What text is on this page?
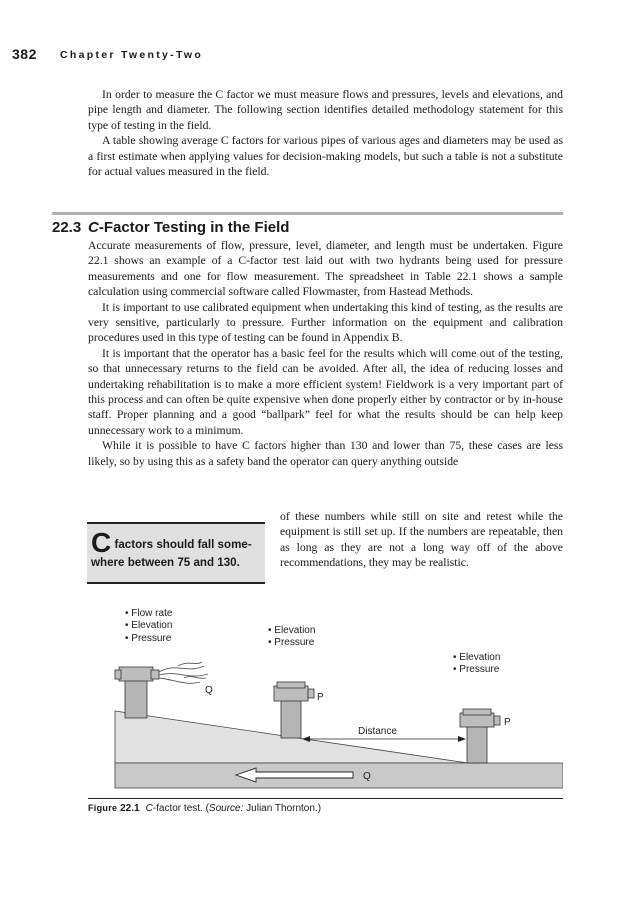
382 Chapter Twenty-Two

In order to measure the C factor we must measure flows and pressures, levels and elevations, and pipe length and diameter. The following section identifies detailed methodology statement for this type of testing in the field.

A table showing average C factors for various pipes of various ages and diameters may be used as a first estimate when applying values for decision-making models, but such a table is not a substitute for actual values measured in the field.

22.3 C-Factor Testing in the Field

Accurate measurements of flow, pressure, level, diameter, and length must be undertaken. Figure 22.1 shows an example of a C-factor test laid out with two hydrants being used for pressure measurements and one for flow measurement. The spreadsheet in Table 22.1 shows a sample calculation using commercial software called Flowmaster, from Hastead Methods.

It is important to use calibrated equipment when undertaking this kind of testing, as the results are very sensitive, particularly to pressure. Further information on the equipment and calibration procedures used in this type of testing can be found in Appendix B.

It is important that the operator has a basic feel for the results which will come out of the testing, so that unnecessary returns to the field can be avoided. After all, the idea of reducing losses and undertaking rehabilitation is to make a more efficient system! Fieldwork is a very important part of this process and can often be quite expensive when done properly either by contractor or by in-house staff. Proper planning and a good “ballpark” feel for what the results should be can help keep unnecessary work to a minimum.

While it is possible to have C factors higher than 130 and lower than 75, these cases are less likely, so by using this as a safety band the operator can query anything outside

C factors should fall some-
where between 75 and 130.

of these numbers while still on site and retest while the equipment is still set up. If the numbers are repeatable, then as long as they are not a long way off of the above recommendations, they may be realistic.

• Flow rate
• Elevation
• Pressure
• Elevation
• Pressure
• Elevation
• Pressure
Q
P
P
Distance
Q
Figure 22.1 C-factor test. (Source: Julian Thornton.)
